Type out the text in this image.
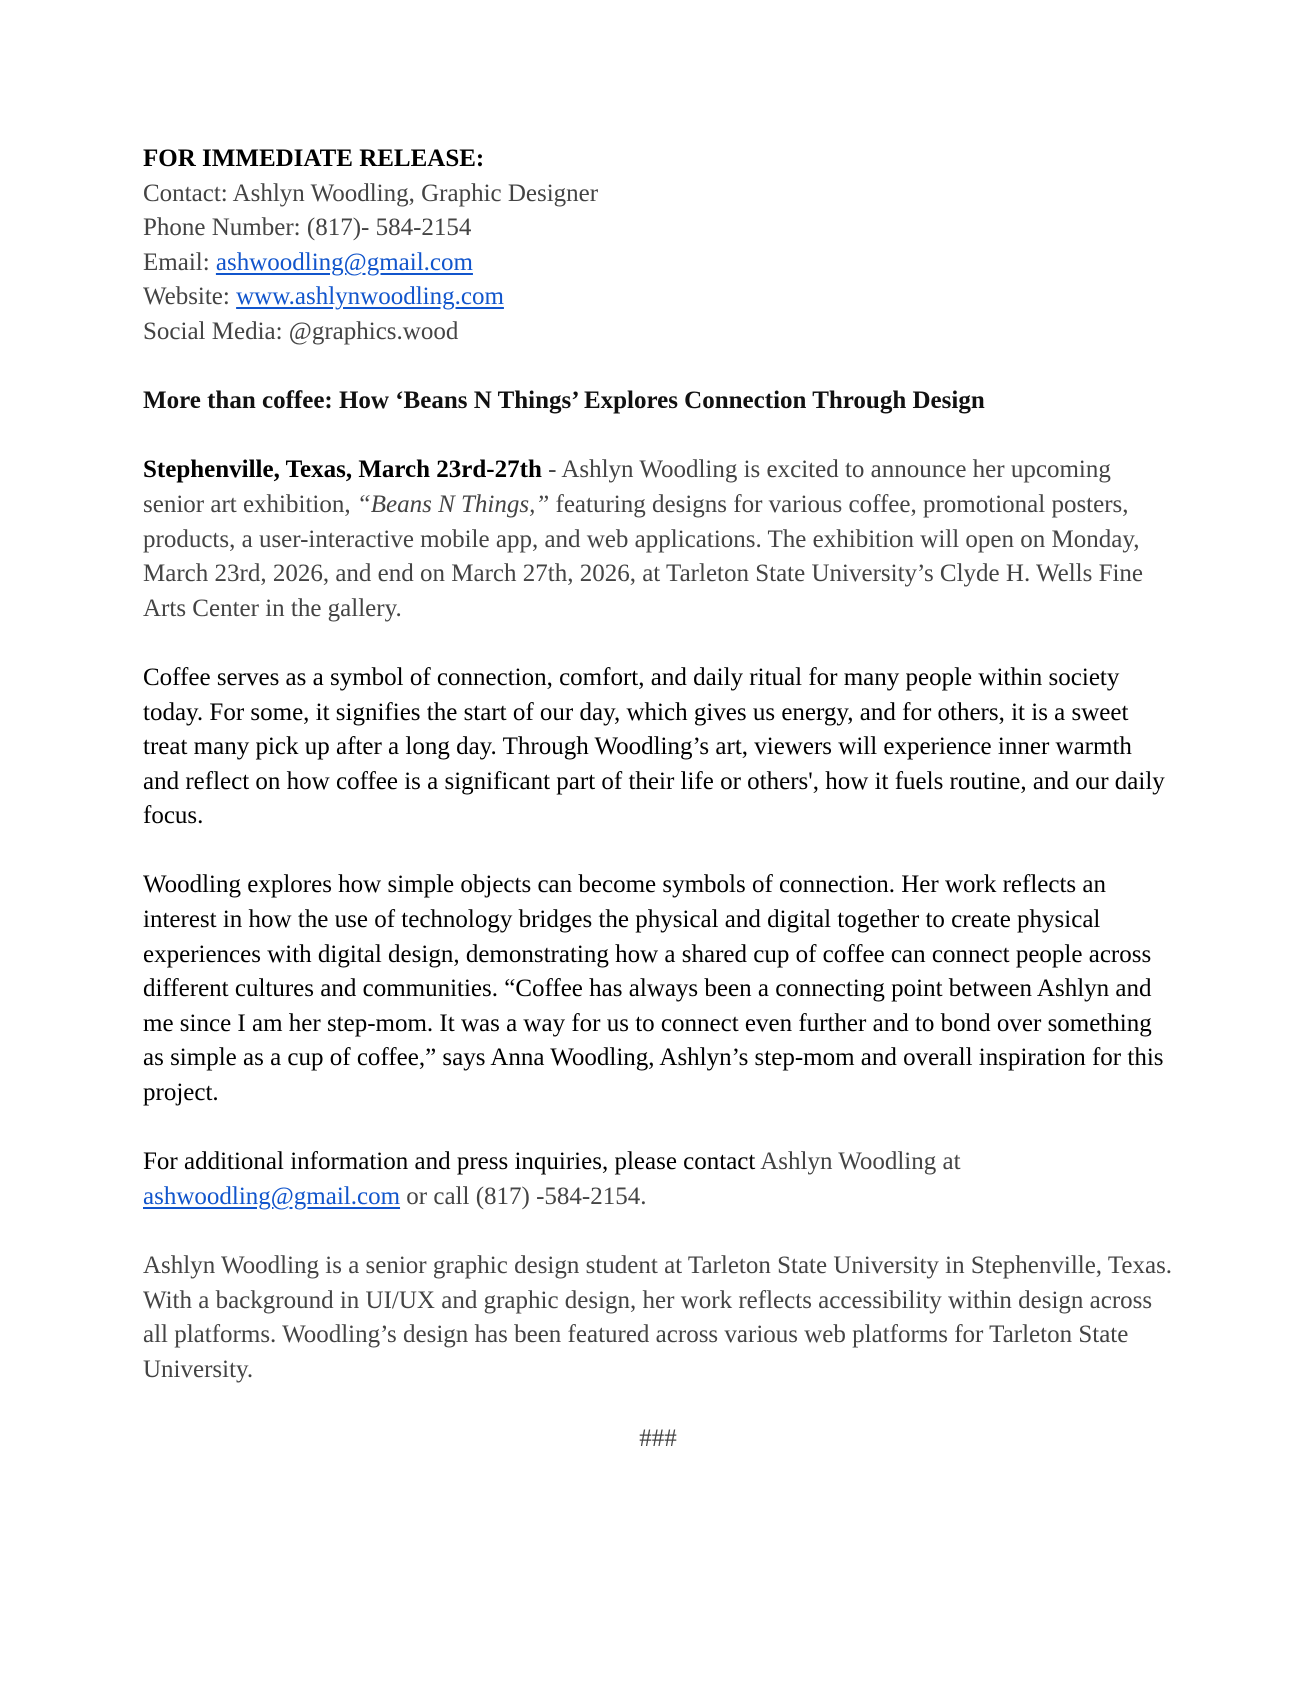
FOR IMMEDIATE RELEASE:
Contact: Ashlyn Woodling, Graphic Designer
Phone Number: (817)- 584-2154
Email: ashwoodling@gmail.com
Website: www.ashlynwoodling.com
Social Media: @graphics.wood

More than coffee: How ‘Beans N Things’ Explores Connection Through Design

Stephenville, Texas, March 23rd-27th - Ashlyn Woodling is excited to announce her upcoming senior art exhibition, “Beans N Things,” featuring designs for various coffee, promotional posters, products, a user-interactive mobile app, and web applications. The exhibition will open on Monday, March 23rd, 2026, and end on March 27th, 2026, at Tarleton State University’s Clyde H. Wells Fine Arts Center in the gallery.

Coffee serves as a symbol of connection, comfort, and daily ritual for many people within society today. For some, it signifies the start of our day, which gives us energy, and for others, it is a sweet treat many pick up after a long day. Through Woodling’s art, viewers will experience inner warmth and reflect on how coffee is a significant part of their life or others', how it fuels routine, and our daily focus.

Woodling explores how simple objects can become symbols of connection. Her work reflects an interest in how the use of technology bridges the physical and digital together to create physical experiences with digital design, demonstrating how a shared cup of coffee can connect people across different cultures and communities. “Coffee has always been a connecting point between Ashlyn and me since I am her step-mom. It was a way for us to connect even further and to bond over something as simple as a cup of coffee,” says Anna Woodling, Ashlyn’s step-mom and overall inspiration for this project.

For additional information and press inquiries, please contact Ashlyn Woodling at
ashwoodling@gmail.com or call (817) -584-2154.

Ashlyn Woodling is a senior graphic design student at Tarleton State University in Stephenville, Texas. With a background in UI/UX and graphic design, her work reflects accessibility within design across all platforms. Woodling’s design has been featured across various web platforms for Tarleton State University.

###
